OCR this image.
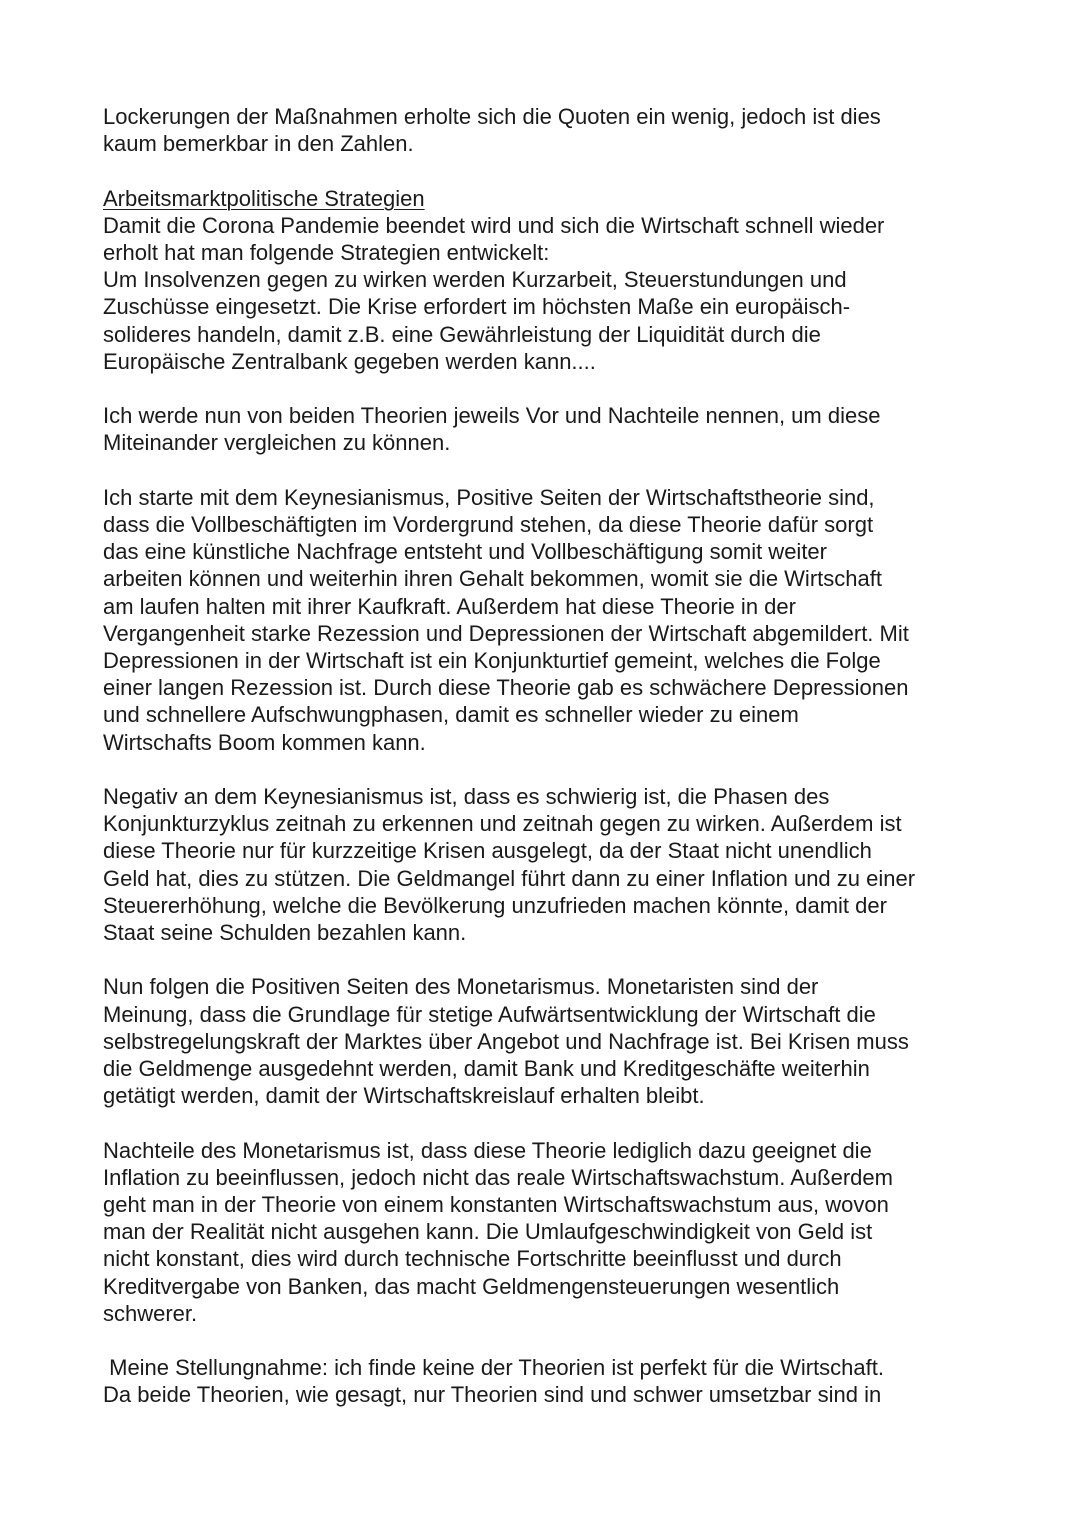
Lockerungen der Maßnahmen erholte sich die Quoten ein wenig, jedoch ist dies
kaum bemerkbar in den Zahlen.
Arbeitsmarktpolitische Strategien
Damit die Corona Pandemie beendet wird und sich die Wirtschaft schnell wieder
erholt hat man folgende Strategien entwickelt:
Um Insolvenzen gegen zu wirken werden Kurzarbeit, Steuerstundungen und
Zuschüsse eingesetzt. Die Krise erfordert im höchsten Maße ein europäisch-
solideres handeln, damit z.B. eine Gewährleistung der Liquidität durch die
Europäische Zentralbank gegeben werden kann....
Ich werde nun von beiden Theorien jeweils Vor und Nachteile nennen, um diese
Miteinander vergleichen zu können.
Ich starte mit dem Keynesianismus, Positive Seiten der Wirtschaftstheorie sind,
dass die Vollbeschäftigten im Vordergrund stehen, da diese Theorie dafür sorgt
das eine künstliche Nachfrage entsteht und Vollbeschäftigung somit weiter
arbeiten können und weiterhin ihren Gehalt bekommen, womit sie die Wirtschaft
am laufen halten mit ihrer Kaufkraft. Außerdem hat diese Theorie in der
Vergangenheit starke Rezession und Depressionen der Wirtschaft abgemildert. Mit
Depressionen in der Wirtschaft ist ein Konjunkturtief gemeint, welches die Folge
einer langen Rezession ist. Durch diese Theorie gab es schwächere Depressionen
und schnellere Aufschwungphasen, damit es schneller wieder zu einem
Wirtschafts Boom kommen kann.
Negativ an dem Keynesianismus ist, dass es schwierig ist, die Phasen des
Konjunkturzyklus zeitnah zu erkennen und zeitnah gegen zu wirken. Außerdem ist
diese Theorie nur für kurzzeitige Krisen ausgelegt, da der Staat nicht unendlich
Geld hat, dies zu stützen. Die Geldmangel führt dann zu einer Inflation und zu einer
Steuererhöhung, welche die Bevölkerung unzufrieden machen könnte, damit der
Staat seine Schulden bezahlen kann.
Nun folgen die Positiven Seiten des Monetarismus. Monetaristen sind der
Meinung, dass die Grundlage für stetige Aufwärtsentwicklung der Wirtschaft die
selbstregelungskraft der Marktes über Angebot und Nachfrage ist. Bei Krisen muss
die Geldmenge ausgedehnt werden, damit Bank und Kreditgeschäfte weiterhin
getätigt werden, damit der Wirtschaftskreislauf erhalten bleibt.
Nachteile des Monetarismus ist, dass diese Theorie lediglich dazu geeignet die
Inflation zu beeinflussen, jedoch nicht das reale Wirtschaftswachstum. Außerdem
geht man in der Theorie von einem konstanten Wirtschaftswachstum aus, wovon
man der Realität nicht ausgehen kann. Die Umlaufgeschwindigkeit von Geld ist
nicht konstant, dies wird durch technische Fortschritte beeinflusst und durch
Kreditvergabe von Banken, das macht Geldmengensteuerungen wesentlich
schwerer.
Meine Stellungnahme: ich finde keine der Theorien ist perfekt für die Wirtschaft.
Da beide Theorien, wie gesagt, nur Theorien sind und schwer umsetzbar sind in
